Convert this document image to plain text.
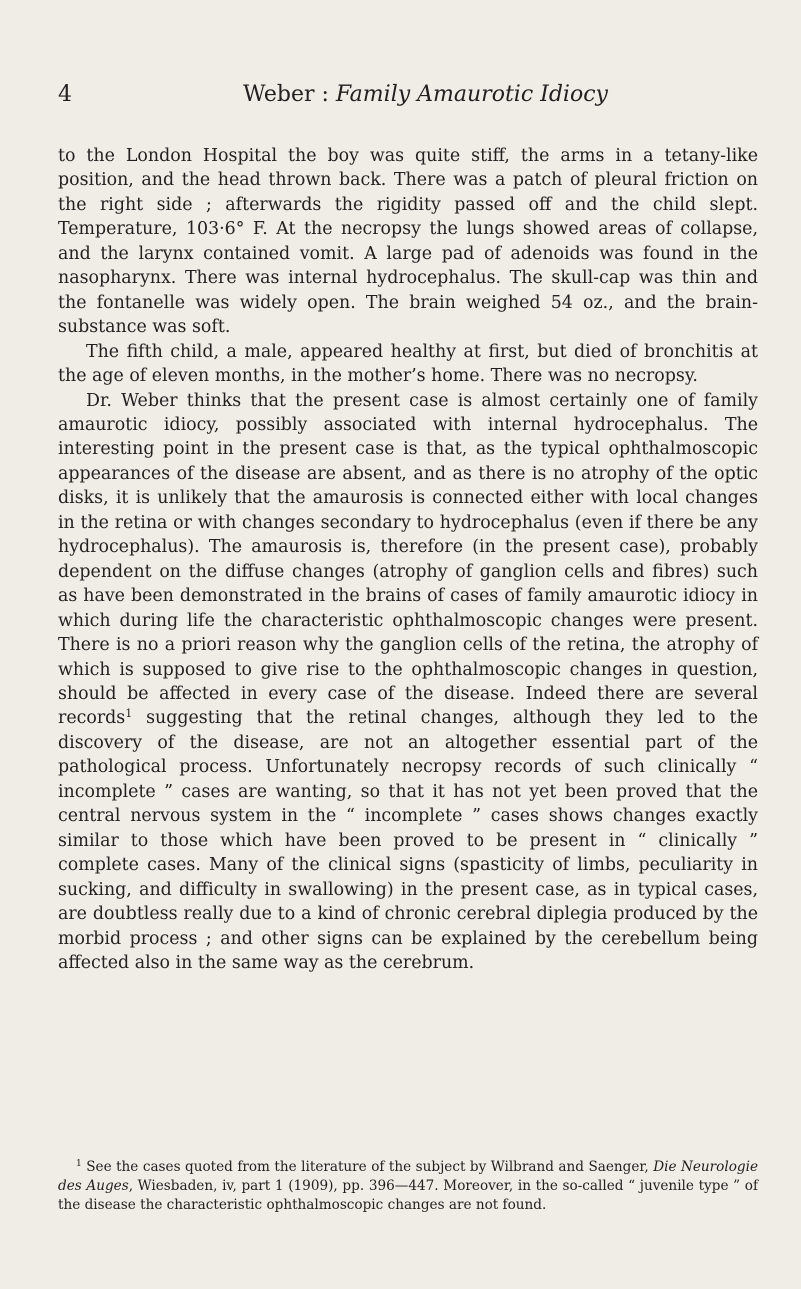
4	Weber : Family Amaurotic Idiocy

to the London Hospital the boy was quite stiff, the arms in a tetany-like position, and the head thrown back. There was a patch of pleural friction on the right side ; afterwards the rigidity passed off and the child slept. Temperature, 103·6° F. At the necropsy the lungs showed areas of collapse, and the larynx contained vomit. A large pad of adenoids was found in the nasopharynx. There was internal hydrocephalus. The skull-cap was thin and the fontanelle was widely open. The brain weighed 54 oz., and the brain-substance was soft.

The fifth child, a male, appeared healthy at first, but died of bronchitis at the age of eleven months, in the mother’s home. There was no necropsy.

Dr. Weber thinks that the present case is almost certainly one of family amaurotic idiocy, possibly associated with internal hydrocephalus. The interesting point in the present case is that, as the typical ophthalmoscopic appearances of the disease are absent, and as there is no atrophy of the optic disks, it is unlikely that the amaurosis is connected either with local changes in the retina or with changes secondary to hydrocephalus (even if there be any hydrocephalus). The amaurosis is, therefore (in the present case), probably dependent on the diffuse changes (atrophy of ganglion cells and fibres) such as have been demonstrated in the brains of cases of family amaurotic idiocy in which during life the characteristic ophthalmoscopic changes were present. There is no a priori reason why the ganglion cells of the retina, the atrophy of which is supposed to give rise to the ophthalmoscopic changes in question, should be affected in every case of the disease. Indeed there are several records$^1$ suggesting that the retinal changes, although they led to the discovery of the disease, are not an altogether essential part of the pathological process. Unfortunately necropsy records of such clinically “ incomplete ” cases are wanting, so that it has not yet been proved that the central nervous system in the “ incomplete ” cases shows changes exactly similar to those which have been proved to be present in “ clinically ” complete cases. Many of the clinical signs (spasticity of limbs, peculiarity in sucking, and difficulty in swallowing) in the present case, as in typical cases, are doubtless really due to a kind of chronic cerebral diplegia produced by the morbid process ; and other signs can be explained by the cerebellum being affected also in the same way as the cerebrum.

$^1$ See the cases quoted from the literature of the subject by Wilbrand and Saenger, Die Neurologie des Auges, Wiesbaden, iv, part 1 (1909), pp. 396—447. Moreover, in the so-called “ juvenile type ” of the disease the characteristic ophthalmoscopic changes are not found.
